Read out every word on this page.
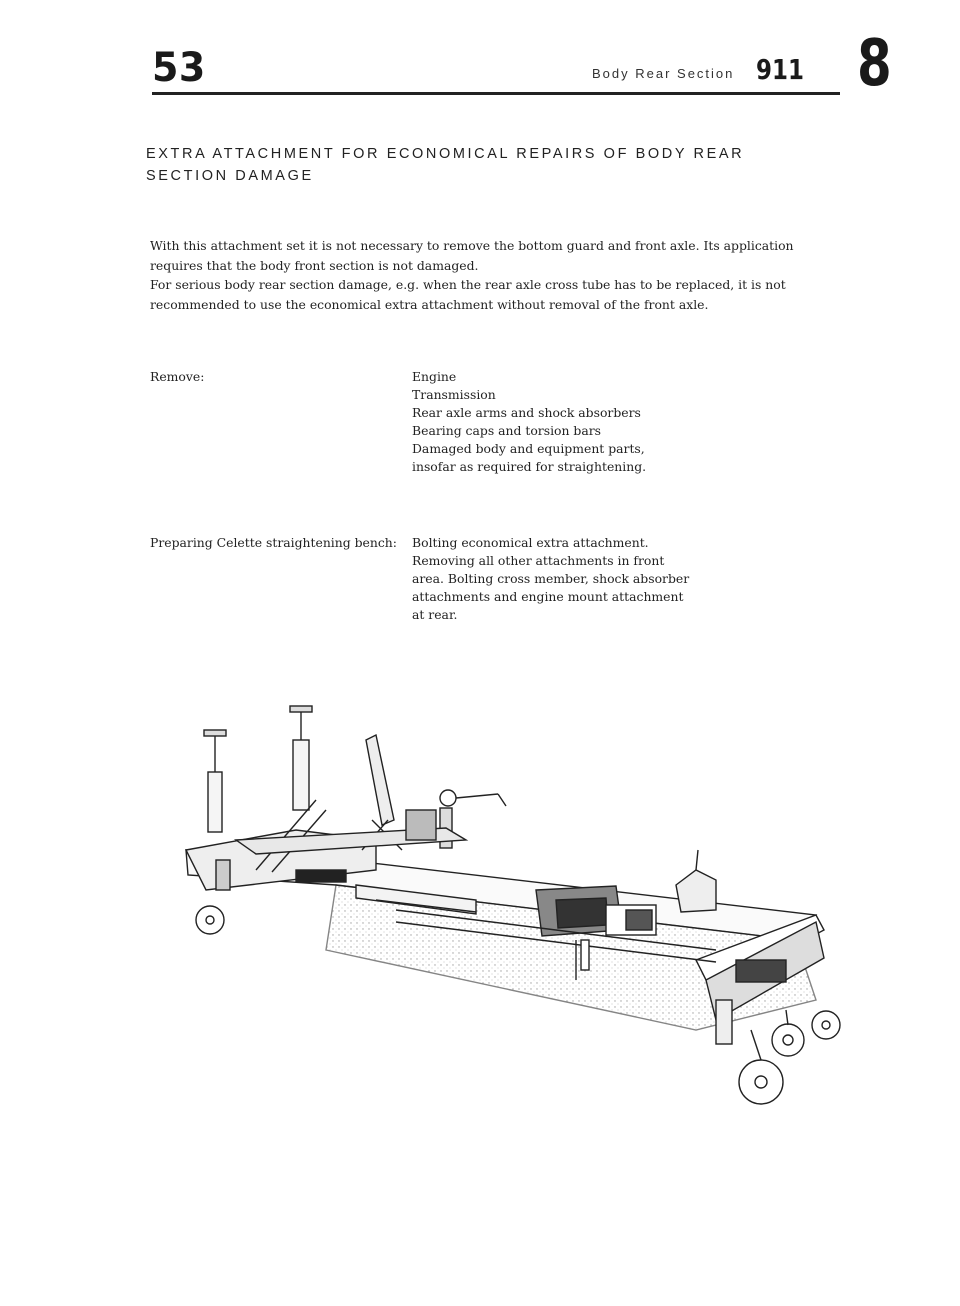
53	Body Rear Section 911 8
EXTRA ATTACHMENT FOR ECONOMICAL REPAIRS OF BODY REAR
SECTION DAMAGE
With this attachment set it is not necessary to remove the bottom guard and front axle. Its application
requires that the body front section is not damaged.
For serious body rear section damage, e.g. when the rear axle cross tube has to be replaced, it is not
recommended to use the economical extra attachment without removal of the front axle.
Remove:	Engine
Transmission
Rear axle arms and shock absorbers
Bearing caps and torsion bars
Damaged body and equipment parts,
insofar as required for straightening.
Preparing Celette straightening bench: Bolting economical extra attachment.
Removing all other attachments in front
area. Bolting cross member, shock absorber
attachments and engine mount attachment
at rear.
